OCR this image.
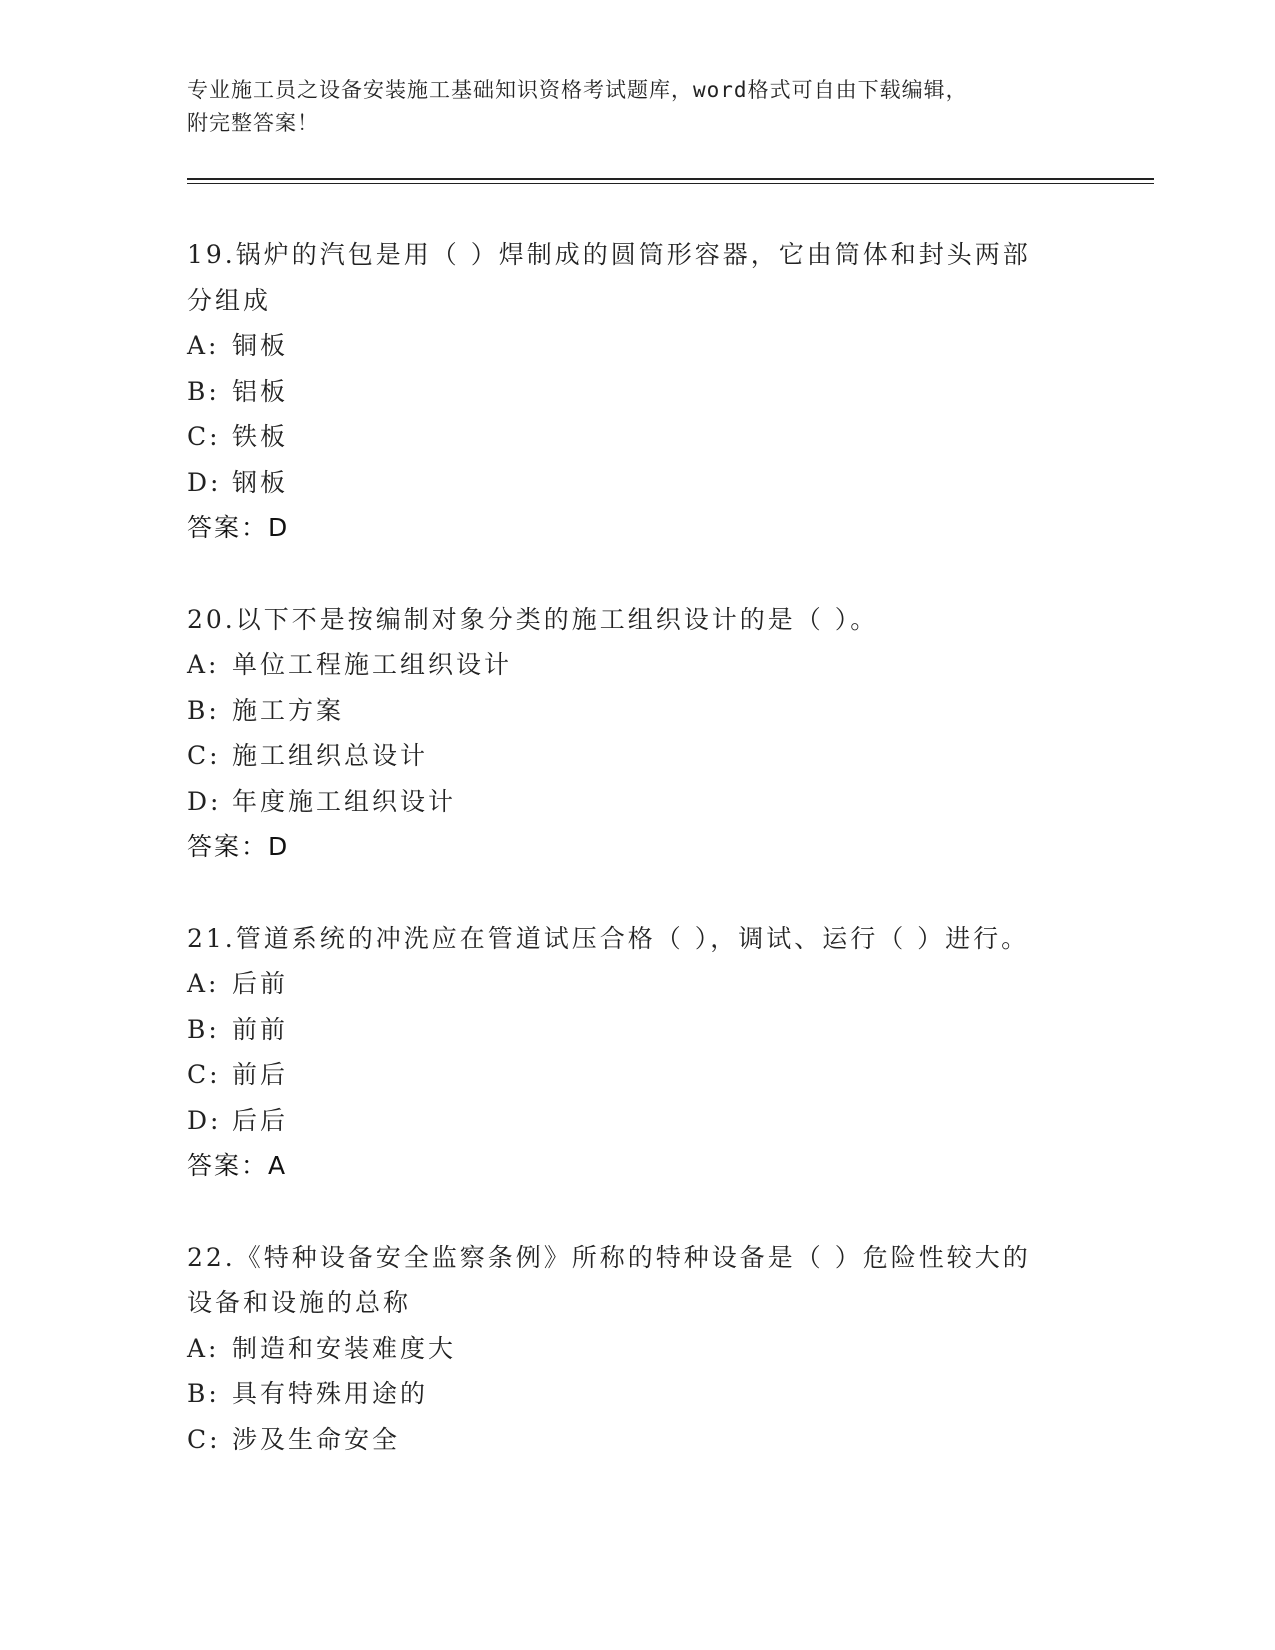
专业施工员之设备安装施工基础知识资格考试题库，word格式可自由下载编辑，
附完整答案！
19.锅炉的汽包是用（ ）焊制成的圆筒形容器，它由筒体和封头两部
分组成
A: 铜板
B: 铝板
C: 铁板
D: 钢板
答案：D
20.以下不是按编制对象分类的施工组织设计的是（ ）。
A: 单位工程施工组织设计
B: 施工方案
C: 施工组织总设计
D: 年度施工组织设计
答案：D
21.管道系统的冲洗应在管道试压合格（ ），调试、运行（ ）进行。
A: 后前
B: 前前
C: 前后
D: 后后
答案：A
22.《特种设备安全监察条例》所称的特种设备是（ ）危险性较大的
设备和设施的总称
A: 制造和安装难度大
B: 具有特殊用途的
C: 涉及生命安全
